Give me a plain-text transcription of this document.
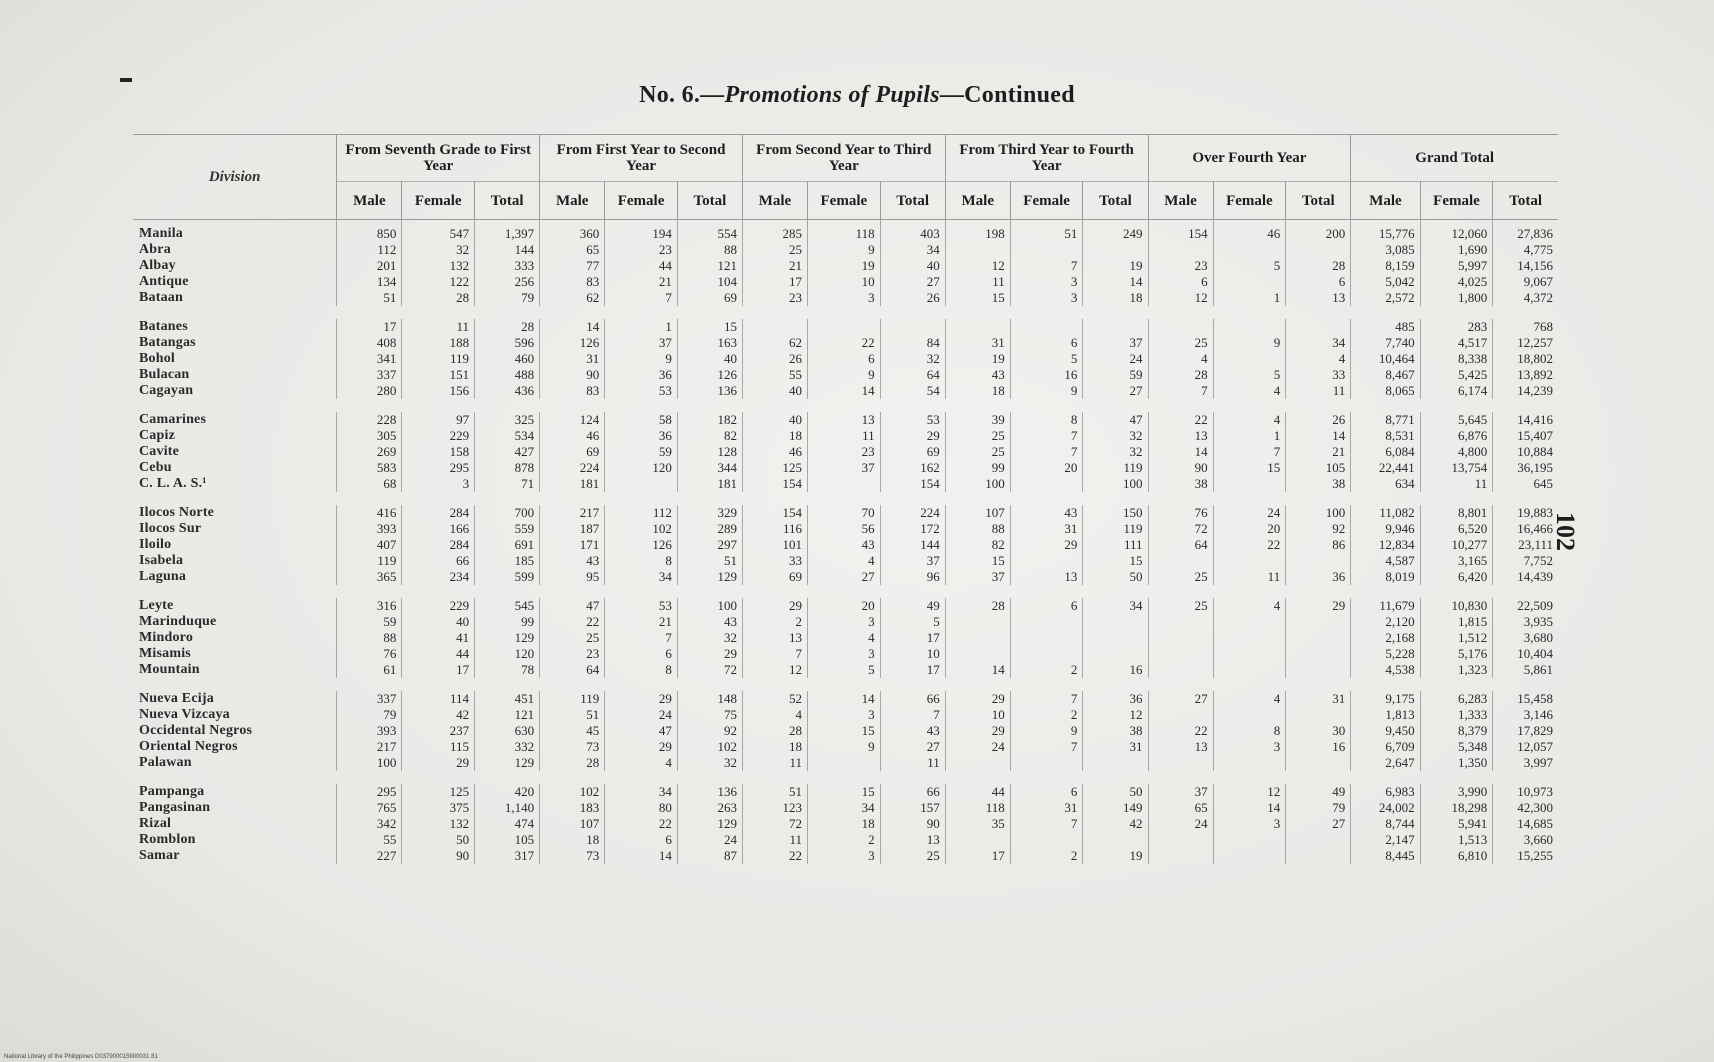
No. 6.—Promotions of Pupils—Continued
102
Division	From Seventh Grade to First Year			From First Year to Second Year			From Second Year to Third Year			From Third Year to Fourth Year			Over Fourth Year			Grand Total		
	Male	Female	Total	Male	Female	Total	Male	Female	Total	Male	Female	Total	Male	Female	Total	Male	Female	Total
Manila	850	547	1,397	360	194	554	285	118	403	198	51	249	154	46	200	15,776	12,060	27,836
Abra	112	32	144	65	23	88	25	9	34							3,085	1,690	4,775
Albay	201	132	333	77	44	121	21	19	40	12	7	19	23	5	28	8,159	5,997	14,156
Antique	134	122	256	83	21	104	17	10	27	11	3	14	6		6	5,042	4,025	9,067
Bataan	51	28	79	62	7	69	23	3	26	15	3	18	12	1	13	2,572	1,800	4,372

Batanes	17	11	28	14	1	15										485	283	768
Batangas	408	188	596	126	37	163	62	22	84	31	6	37	25	9	34	7,740	4,517	12,257
Bohol	341	119	460	31	9	40	26	6	32	19	5	24	4		4	10,464	8,338	18,802
Bulacan	337	151	488	90	36	126	55	9	64	43	16	59	28	5	33	8,467	5,425	13,892
Cagayan	280	156	436	83	53	136	40	14	54	18	9	27	7	4	11	8,065	6,174	14,239

Camarines	228	97	325	124	58	182	40	13	53	39	8	47	22	4	26	8,771	5,645	14,416
Capiz	305	229	534	46	36	82	18	11	29	25	7	32	13	1	14	8,531	6,876	15,407
Cavite	269	158	427	69	59	128	46	23	69	25	7	32	14	7	21	6,084	4,800	10,884
Cebu	583	295	878	224	120	344	125	37	162	99	20	119	90	15	105	22,441	13,754	36,195
C. L. A. S.¹	68	3	71	181		181	154		154	100		100	38		38	634	11	645

Ilocos Norte	416	284	700	217	112	329	154	70	224	107	43	150	76	24	100	11,082	8,801	19,883
Ilocos Sur	393	166	559	187	102	289	116	56	172	88	31	119	72	20	92	9,946	6,520	16,466
Iloilo	407	284	691	171	126	297	101	43	144	82	29	111	64	22	86	12,834	10,277	23,111
Isabela	119	66	185	43	8	51	33	4	37	15		15				4,587	3,165	7,752
Laguna	365	234	599	95	34	129	69	27	96	37	13	50	25	11	36	8,019	6,420	14,439

Leyte	316	229	545	47	53	100	29	20	49	28	6	34	25	4	29	11,679	10,830	22,509
Marinduque	59	40	99	22	21	43	2	3	5							2,120	1,815	3,935
Mindoro	88	41	129	25	7	32	13	4	17							2,168	1,512	3,680
Misamis	76	44	120	23	6	29	7	3	10							5,228	5,176	10,404
Mountain	61	17	78	64	8	72	12	5	17	14	2	16				4,538	1,323	5,861

Nueva Ecija	337	114	451	119	29	148	52	14	66	29	7	36	27	4	31	9,175	6,283	15,458
Nueva Vizcaya	79	42	121	51	24	75	4	3	7	10	2	12				1,813	1,333	3,146
Occidental Negros	393	237	630	45	47	92	28	15	43	29	9	38	22	8	30	9,450	8,379	17,829
Oriental Negros	217	115	332	73	29	102	18	9	27	24	7	31	13	3	16	6,709	5,348	12,057
Palawan	100	29	129	28	4	32	11		11							2,647	1,350	3,997

Pampanga	295	125	420	102	34	136	51	15	66	44	6	50	37	12	49	6,983	3,990	10,973
Pangasinan	765	375	1,140	183	80	263	123	34	157	118	31	149	65	14	79	24,002	18,298	42,300
Rizal	342	132	474	107	22	129	72	18	90	35	7	42	24	3	27	8,744	5,941	14,685
Romblon	55	50	105	18	6	24	11	2	13							2,147	1,513	3,660
Samar	227	90	317	73	14	87	22	3	25	17	2	19				8,445	6,810	15,255
National Library of the Philippines D037900015900031 81
